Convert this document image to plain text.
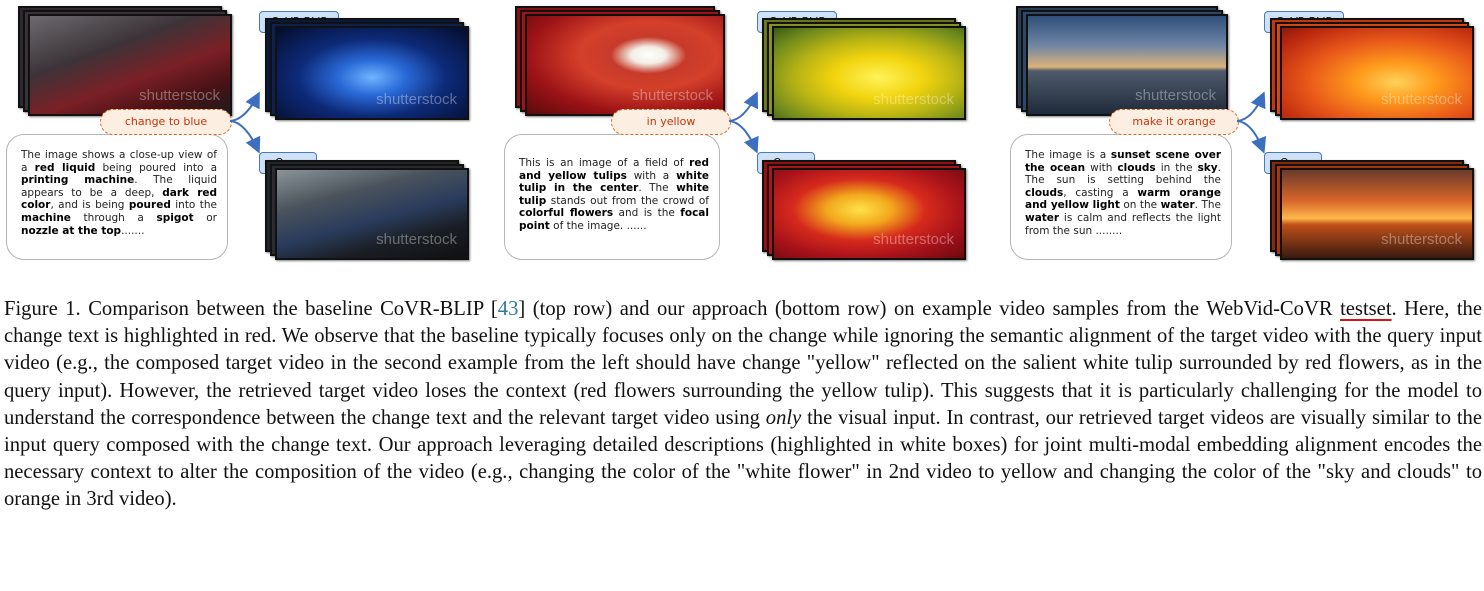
shutterstock	shutterstock
shutterstock
The image shows a close-up view of a red liquid being poured into a printing machine. The liquid appears to be a deep, dark red color, and is being poured into the machine through a spigot or nozzle at the top.......
change to blue
shutterstock	shutterstock
shutterstock
This is an image of a field of red and yellow tulips with a white tulip in the center. The white tulip stands out from the crowd of colorful flowers and is the focal point of the image. ......
in yellow
shutterstock	shutterstock
shutterstock
The image is a sunset scene over the ocean with clouds in the sky. The sun is setting behind the clouds, casting a warm orange and yellow light on the water. The water is calm and reflects the light from the sun ........
make it orange
Figure 1. Comparison between the baseline CoVR-BLIP [43] (top row) and our approach (bottom row) on example video samples from the WebVid-CoVR testset. Here, the change text is highlighted in red. We observe that the baseline typically focuses only on the change while ignoring the semantic alignment of the target video with the query input video (e.g., the composed target video in the second example from the left should have change "yellow" reflected on the salient white tulip surrounded by red flowers, as in the query input). However, the retrieved target video loses the context (red flowers surrounding the yellow tulip). This suggests that it is particularly challenging for the model to understand the correspondence between the change text and the relevant target video using only the visual input. In contrast, our retrieved target videos are visually similar to the input query composed with the change text. Our approach leveraging detailed descriptions (highlighted in white boxes) for joint multi-modal embedding alignment encodes the necessary context to alter the composition of the video (e.g., changing the color of the "white flower" in 2nd video to yellow and changing the color of the "sky and clouds" to orange in 3rd video).
